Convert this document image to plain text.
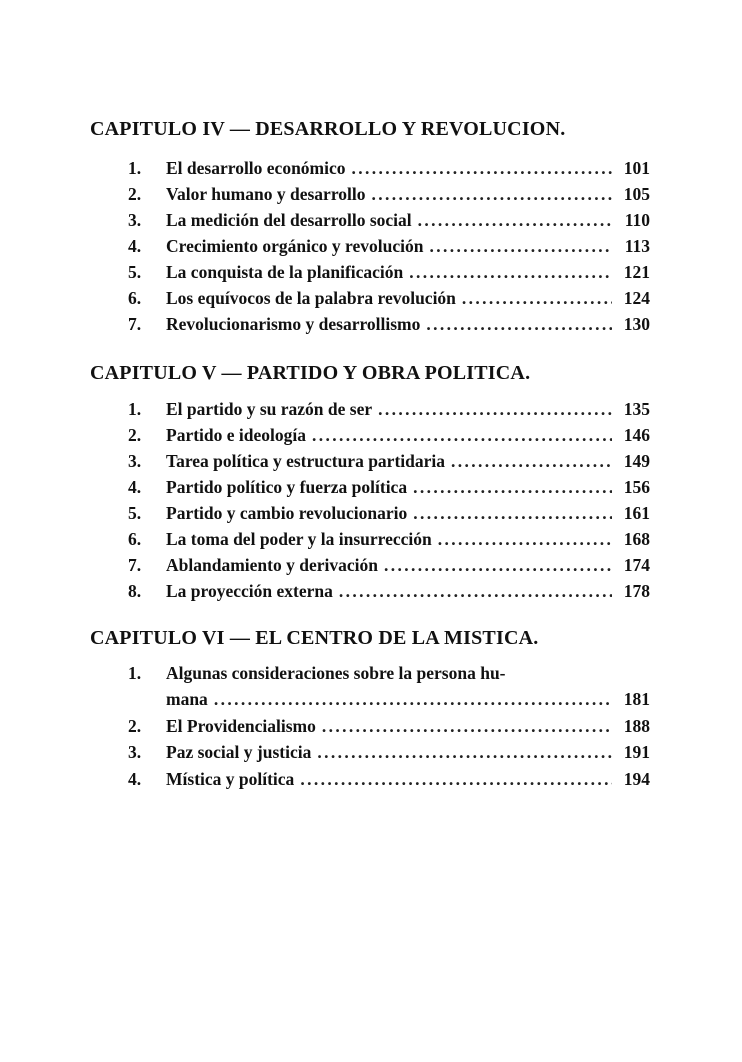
CAPITULO IV — DESARROLLO Y REVOLUCION.
1.	El desarrollo económico . . .	101
2.	Valor humano y desarrollo . . .	105
3.	La medición del desarrollo social . . .	110
4.	Crecimiento orgánico y revolución . . .	113
5.	La conquista de la planificación . . .	121
6.	Los equívocos de la palabra revolución . . .	124
7.	Revolucionarismo y desarrollismo . . .	130
CAPITULO V — PARTIDO Y OBRA POLITICA.
1.	El partido y su razón de ser . . .	135
2.	Partido e ideología . . .	146
3.	Tarea política y estructura partidaria . . .	149
4.	Partido político y fuerza política . . .	156
5.	Partido y cambio revolucionario . . .	161
6.	La toma del poder y la insurrección . . .	168
7.	Ablandamiento y derivación . . .	174
8.	La proyección externa . . .	178
CAPITULO VI — EL CENTRO DE LA MISTICA.
1.	Algunas consideraciones sobre la persona hu-
mana . . .	181
2.	El Providencialismo . . .	188
3.	Paz social y justicia . . .	191
4.	Mística y política . . .	194
